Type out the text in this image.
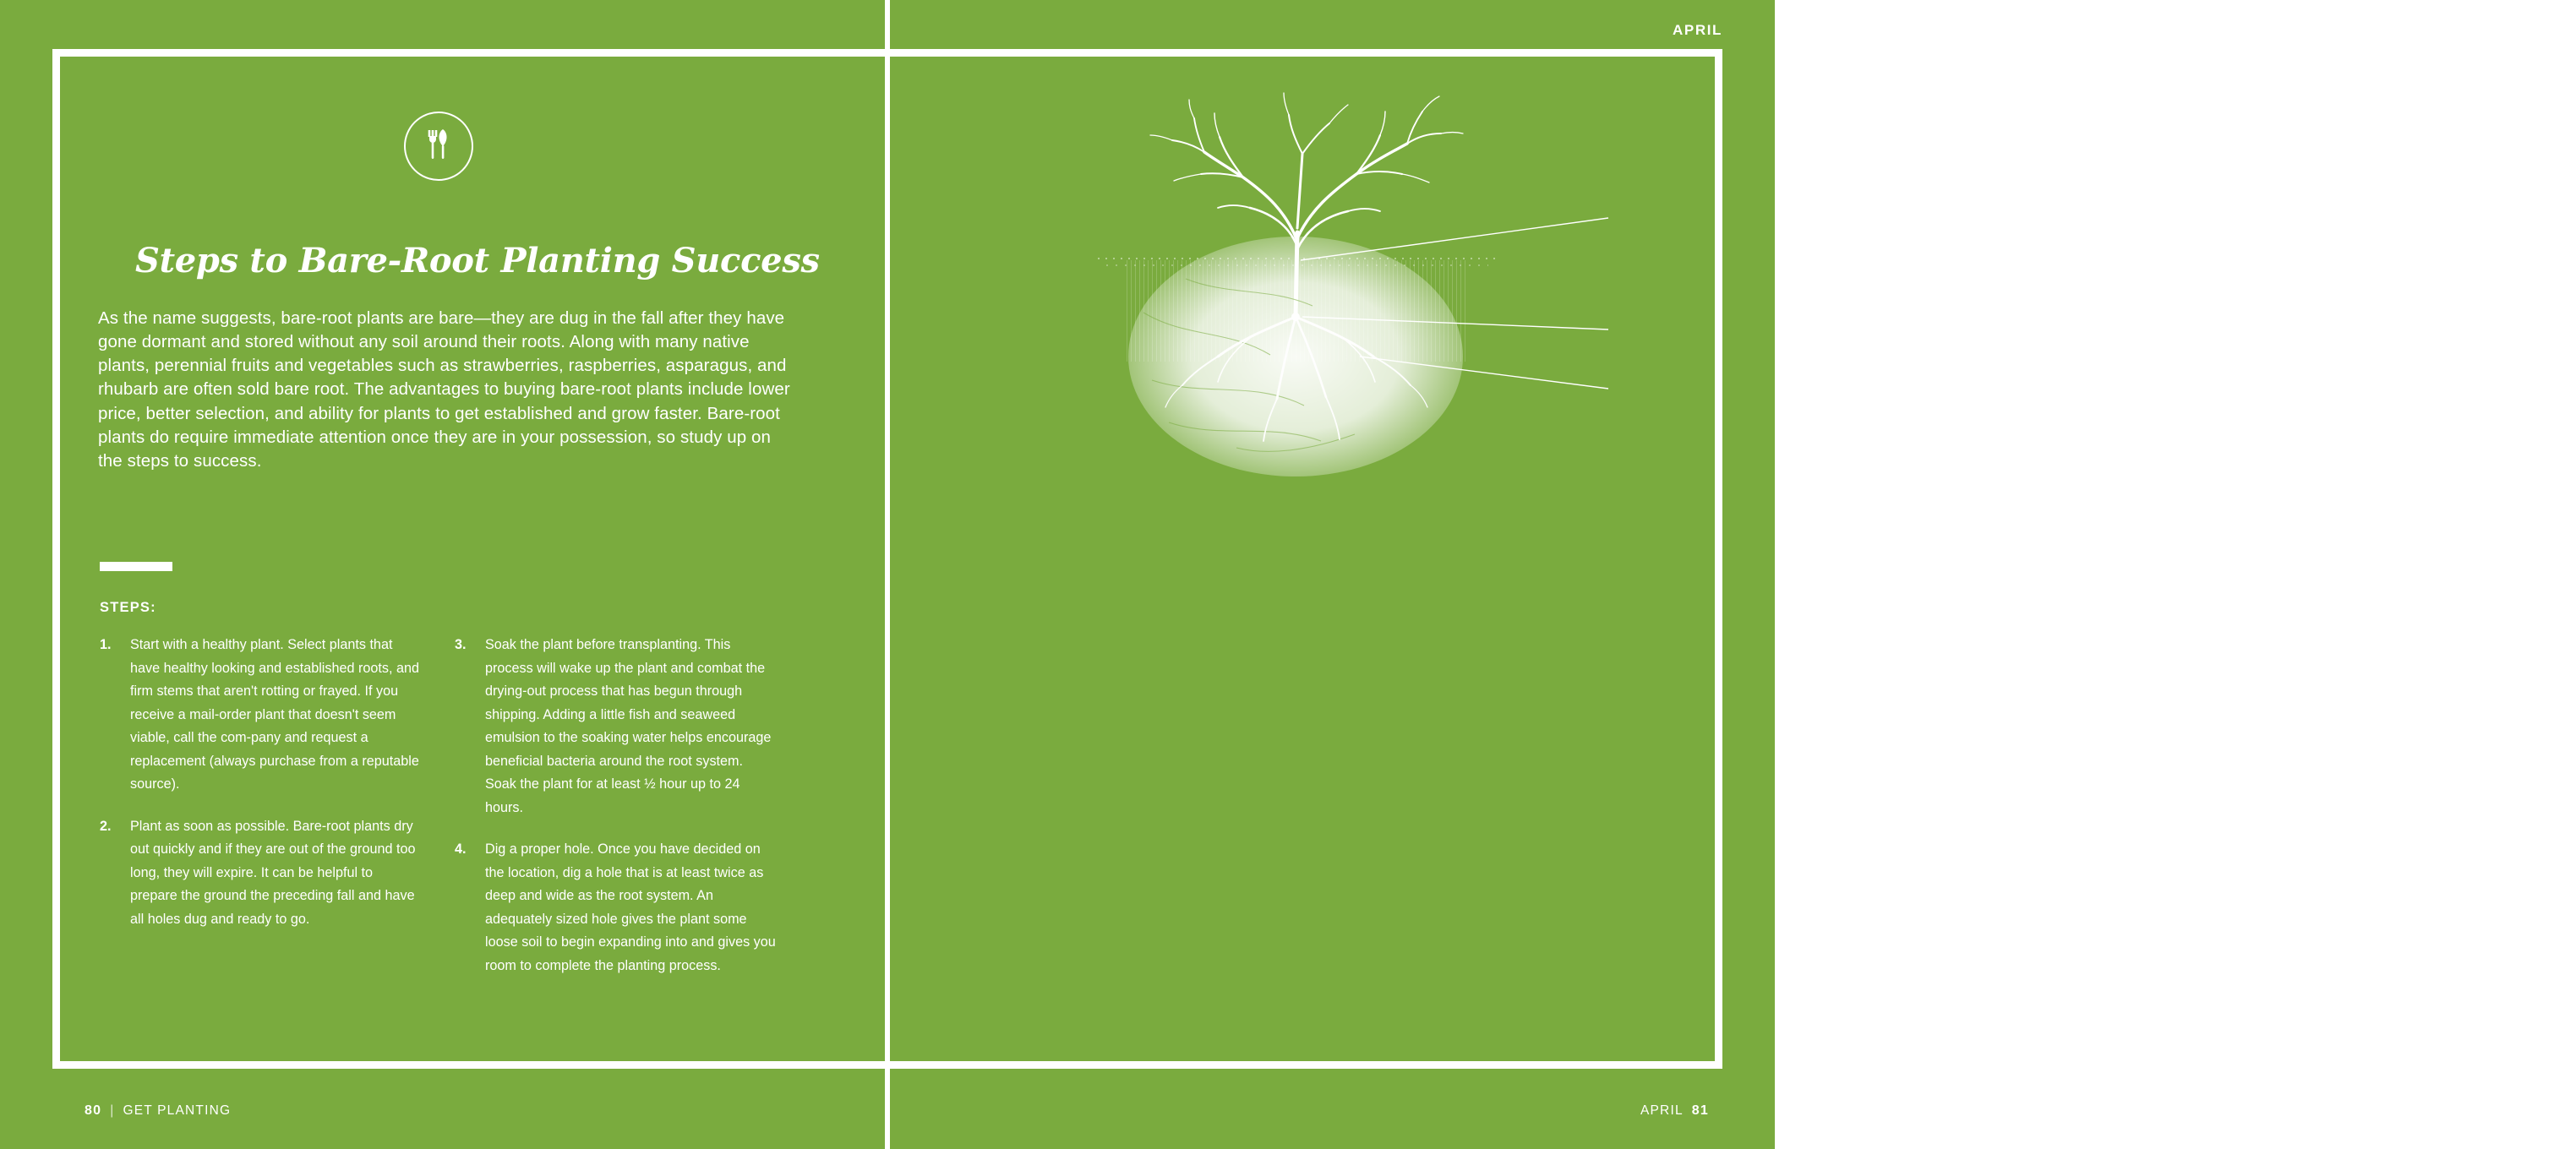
Steps to Bare-Root Planting Success

As the name suggests, bare-root plants are bare—they are dug in the fall after they have gone dormant and stored without any soil around their roots. Along with many native plants, perennial fruits and vegetables such as strawberries, raspberries, asparagus, and rhubarb are often sold bare root. The advantages to buying bare-root plants include lower price, better selection, and ability for plants to get established and grow faster. Bare-root plants do require immediate attention once they are in your possession, so study up on the steps to success.

STEPS:
1. Start with a healthy plant. Select plants that have healthy looking and established roots, and firm stems that aren't rotting or frayed. If you receive a mail-order plant that doesn't seem viable, call the com-pany and request a replacement (always purchase from a reputable source).
2. Plant as soon as possible. Bare-root plants dry out quickly and if they are out of the ground too long, they will expire. It can be helpful to prepare the ground the preceding fall and have all holes dug and ready to go.
3. Soak the plant before transplanting. This process will wake up the plant and combat the drying-out process that has begun through shipping. Adding a little fish and seaweed emulsion to the soaking water helps encourage beneficial bacteria around the root system. Soak the plant for at least ½ hour up to 24 hours.
4. Dig a proper hole. Once you have decided on the location, dig a hole that is at least twice as deep and wide as the root system. An adequately sized hole gives the plant some loose soil to begin expanding into and gives you room to complete the planting process.
80 | GET PLANTING
APRIL
soil line
plant crown
mound of soil
5. Keep the crown at soil level. Mound the soil in the shape of a dome in the bottom of the hole at the depth of the root system. Then place the plant on top, spreading the roots around that dome. Next, cover the roots with soil from the hole, up to the base of the plant. You should be able to see a difference in the stem from where it was buried and where it was out of the soil. With fruit trees that have been grafted, you will see a sort of ring where the tree healed itself. Don't bury the plant beyond these points. Gently pack the soil around the plant to remove air pockets and stabilize the plant. If you are planting a tree or any large plant that might fall over in high-wind conditions, stake it for at least the first year.

▲ Place the crown of the plant at soil level and spread out the roots over the soil mound so that they will support the plant once the hole is filled.

APRIL 81
